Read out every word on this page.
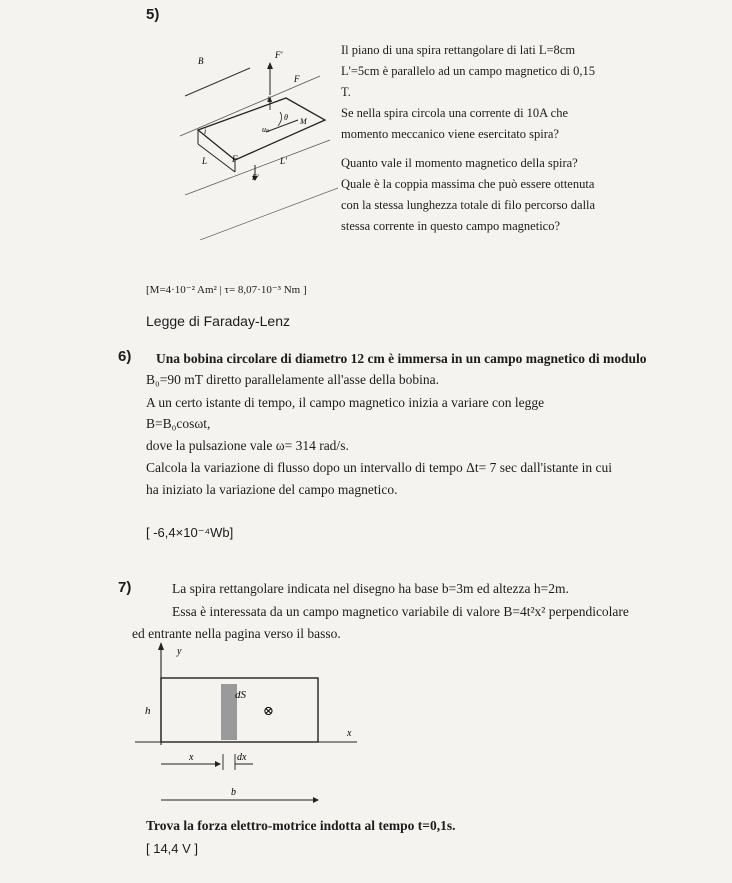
5)
B
F'
F
i
θ
uₙ
M
i
L	F	L'
F'
Il piano di una spira rettangolare di lati L=8cm
L'=5cm è parallelo ad un campo magnetico di 0,15
T.
Se nella spira circola una corrente di 10A che
momento meccanico viene esercitato spira?
Quanto vale il momento magnetico della spira?
Quale è la coppia massima che può essere ottenuta
con la stessa lunghezza totale di filo percorso dalla
stessa corrente in questo campo magnetico?
[M=4·10⁻² Am² | τ= 8,07·10⁻³ Nm ]
Legge di Faraday-Lenz
6) Una bobina circolare di diametro 12 cm è immersa in un campo magnetico di modulo
B₀=90 mT diretto parallelamente all'asse della bobina.
A un certo istante di tempo, il campo magnetico inizia a variare con legge
B=B₀cosωt,
dove la pulsazione vale ω= 314 rad/s.
Calcola la variazione di flusso dopo un intervallo di tempo Δt= 7 sec dall'istante in cui
ha iniziato la variazione del campo magnetico.
[ -6,4×10⁻⁴Wb]
7)	La spira rettangolare indicata nel disegno ha base b=3m ed altezza h=2m.
Essa è interessata da un campo magnetico variabile di valore B=4t²x² perpendicolare
ed entrante nella pagina verso il basso.
y
x
dS
h	⊗
x	dx
b
Trova la forza elettro-motrice indotta al tempo t=0,1s.
[ 14,4 V ]
